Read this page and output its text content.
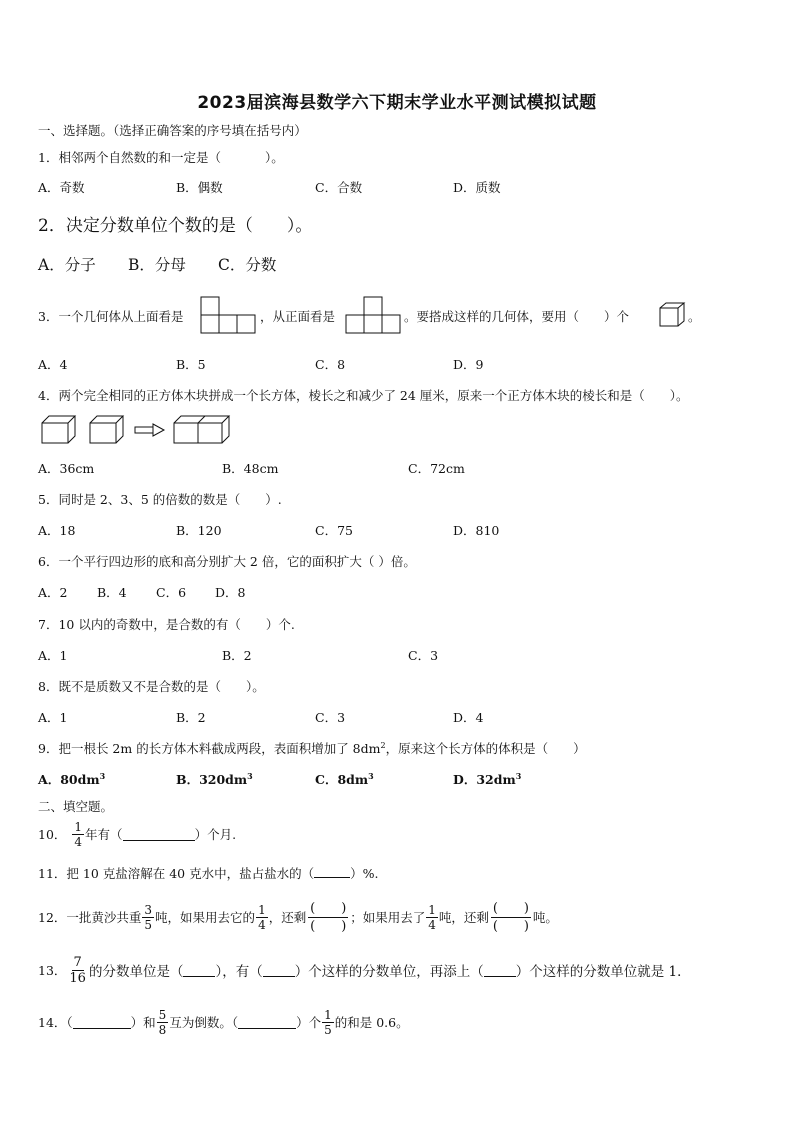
2023届滨海县数学六下期末学业水平测试模拟试题
一、选择题。（选择正确答案的序号填在括号内）
1．相邻两个自然数的和一定是（	）。
A．奇数	B．偶数	C．合数	D．质数
2．决定分数单位个数的是（　　）。
A．分子 B．分母 C．分数
3．一个几何体从上面看是	，从正面看是	。要搭成这样的几何体，要用（　　）个	。
A．4	B．5	C．8	D．9
4．两个完全相同的正方体木块拼成一个长方体，棱长之和减少了 24 厘米，原来一个正方体木块的棱长和是（　　）。
A．36cm	B．48cm	C．72cm
5．同时是 2、3、5 的倍数的数是（　　）.
A．18	B．120	C．75	D．810
6．一个平行四边形的底和高分别扩大 2 倍，它的面积扩大（ ）倍。
A．2 B．4 C．6 D．8
7．10 以内的奇数中，是合数的有（　　）个.
A．1	B．2	C．3
8．既不是质数又不是合数的是（　　）。
A．1	B．2	C．3	D．4
9．把一根长 2m 的长方体木料截成两段，表面积增加了 $8dm^2$，原来这个长方体的体积是（　　）
A．$80dm^3$	B．$320dm^3$	C．$8dm^3$	D．$32dm^3$
二、填空题。
10． $\frac{1}{4}$ 年有（	）个月.
11．把 10 克盐溶解在 40 克水中，盐占盐水的（	）%.
12．一批黄沙共重 $\frac{3}{5}$ 吨，如果用去它的 $\frac{1}{4}$ ，还剩
(　　)
(　　)
；如果用去了 $\frac{1}{4}$ 吨，还剩
(　　)
(　　)
吨。
13． $\frac{7}{16}$ 的分数单位是（ ），有（ ）个这样的分数单位，再添上（ ）个这样的分数单位就是 1．
14．（	）和 $\frac{5}{8}$ 互为倒数。（	）个 $\frac{1}{5}$ 的和是 0.6。
